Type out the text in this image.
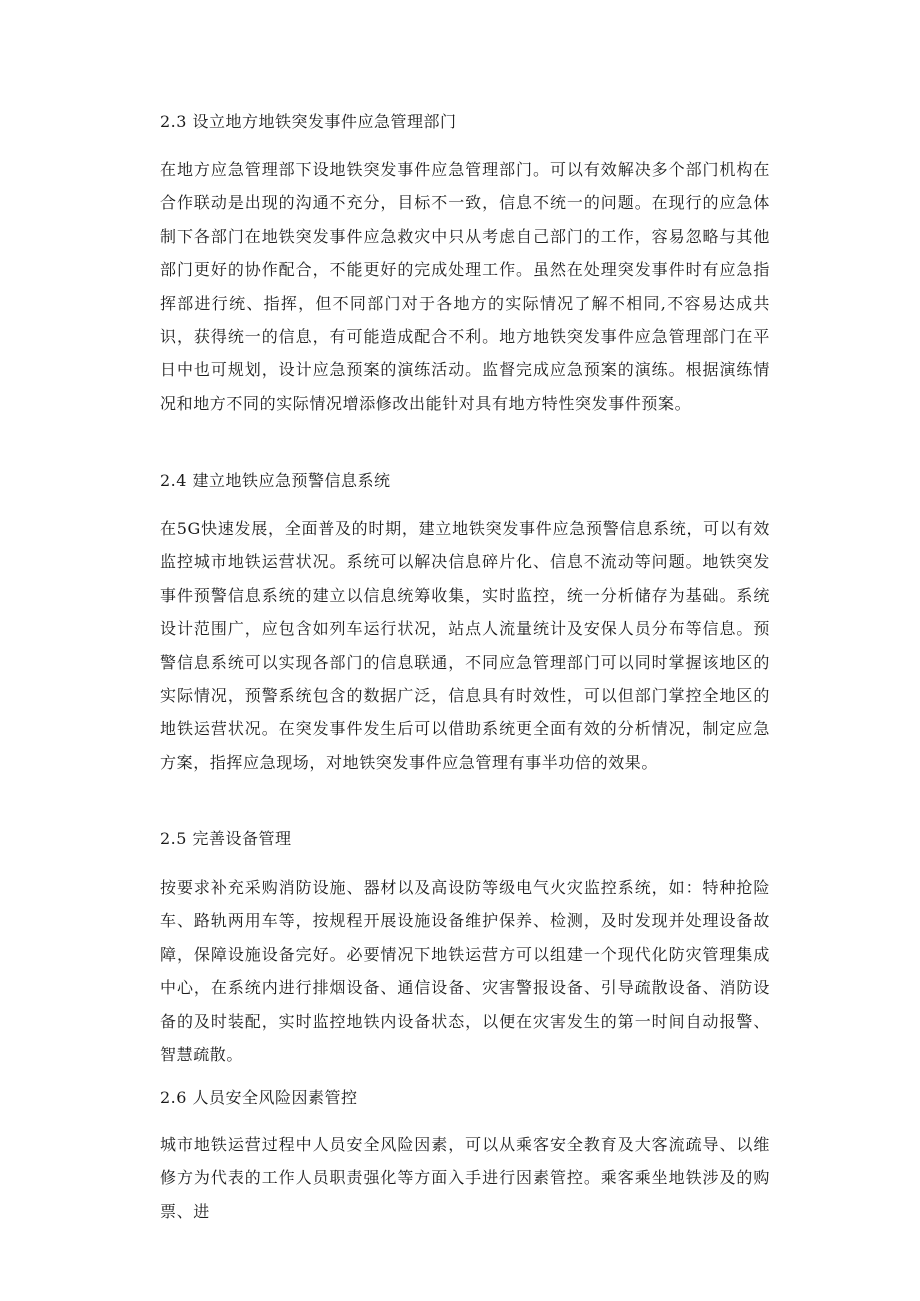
2.3 设立地方地铁突发事件应急管理部门

在地方应急管理部下设地铁突发事件应急管理部门。可以有效解决多个部门机构在合作联动是出现的沟通不充分，目标不一致，信息不统一的问题。在现行的应急体制下各部门在地铁突发事件应急救灾中只从考虑自己部门的工作，容易忽略与其他部门更好的协作配合，不能更好的完成处理工作。虽然在处理突发事件时有应急指挥部进行统、指挥，但不同部门对于各地方的实际情况了解不相同,不容易达成共识，获得统一的信息，有可能造成配合不利。地方地铁突发事件应急管理部门在平日中也可规划，设计应急预案的演练活动。监督完成应急预案的演练。根据演练情况和地方不同的实际情况增添修改出能针对具有地方特性突发事件预案。

2.4 建立地铁应急预警信息系统

在5G快速发展，全面普及的时期，建立地铁突发事件应急预警信息系统，可以有效监控城市地铁运营状况。系统可以解决信息碎片化、信息不流动等问题。地铁突发事件预警信息系统的建立以信息统筹收集，实时监控，统一分析储存为基础。系统设计范围广，应包含如列车运行状况，站点人流量统计及安保人员分布等信息。预警信息系统可以实现各部门的信息联通，不同应急管理部门可以同时掌握该地区的实际情况，预警系统包含的数据广泛，信息具有时效性，可以但部门掌控全地区的地铁运营状况。在突发事件发生后可以借助系统更全面有效的分析情况，制定应急方案，指挥应急现场，对地铁突发事件应急管理有事半功倍的效果。

2.5 完善设备管理

按要求补充采购消防设施、器材以及高设防等级电气火灾监控系统，如：特种抢险车、路轨两用车等，按规程开展设施设备维护保养、检测，及时发现并处理设备故障，保障设施设备完好。必要情况下地铁运营方可以组建一个现代化防灾管理集成中心，在系统内进行排烟设备、通信设备、灾害警报设备、引导疏散设备、消防设备的及时装配，实时监控地铁内设备状态，以便在灾害发生的第一时间自动报警、智慧疏散。

2.6 人员安全风险因素管控

城市地铁运营过程中人员安全风险因素，可以从乘客安全教育及大客流疏导、以维修方为代表的工作人员职责强化等方面入手进行因素管控。乘客乘坐地铁涉及的购票、进
